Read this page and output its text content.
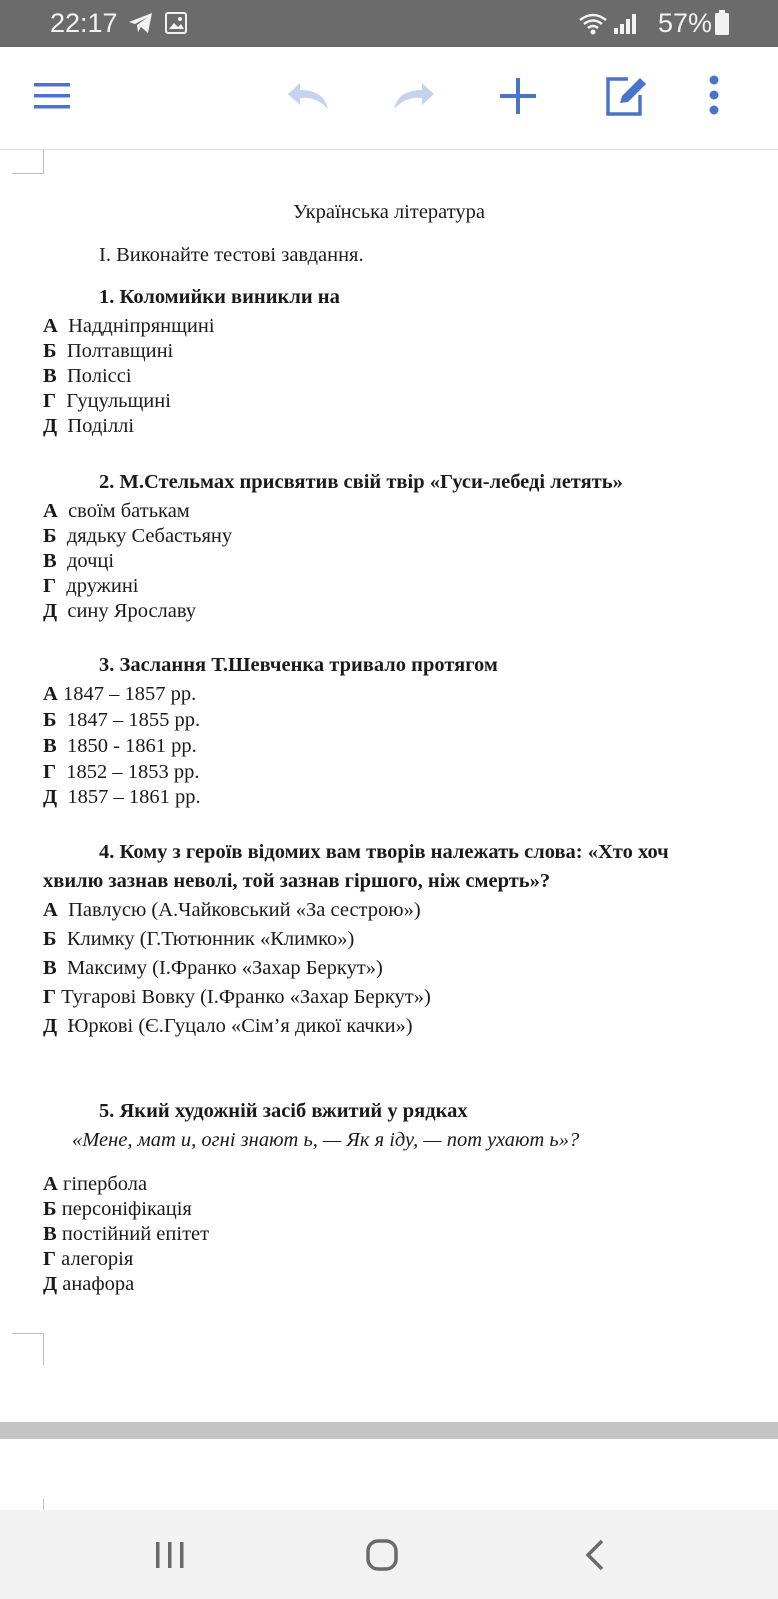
22:17	57%
Українська література
І. Виконайте тестові завдання.
1. Коломийки виникли на
А Наддніпрянщині
Б Полтавщині
В Поліссі
Г Гуцульщині
Д Поділлі
2. М.Стельмах присвятив свій твір «Гуси-лебеді летять»
А своїм батькам
Б дядьку Себастьяну
В дочці
Г дружині
Д сину Ярославу
3. Заслання Т.Шевченка тривало протягом
А 1847 – 1857 рр.
Б 1847 – 1855 рр.
В 1850 ‐ 1861 рр.
Г 1852 – 1853 рр.
Д 1857 – 1861 рр.
4. Кому з героїв відомих вам творів належать слова: «Хто хоч
хвилю зазнав неволі, той зазнав гіршого, ніж смерть»?
А Павлусю (А.Чайковський «За сестрою»)
Б Климку (Г.Тютюнник «Климко»)
В Максиму (І.Франко «Захар Беркут»)
Г Тугарові Вовку (І.Франко «Захар Беркут»)
Д Юркові (Є.Гуцало «Сім’я дикої качки»)
5. Який художній засіб вжитий у рядках
«Мене, мат и, огні знают ь, — Як я іду, — пот ухают ь»?
А гіпербола
Б персоніфікація
В постійний епітет
Г алегорія
Д анафора
